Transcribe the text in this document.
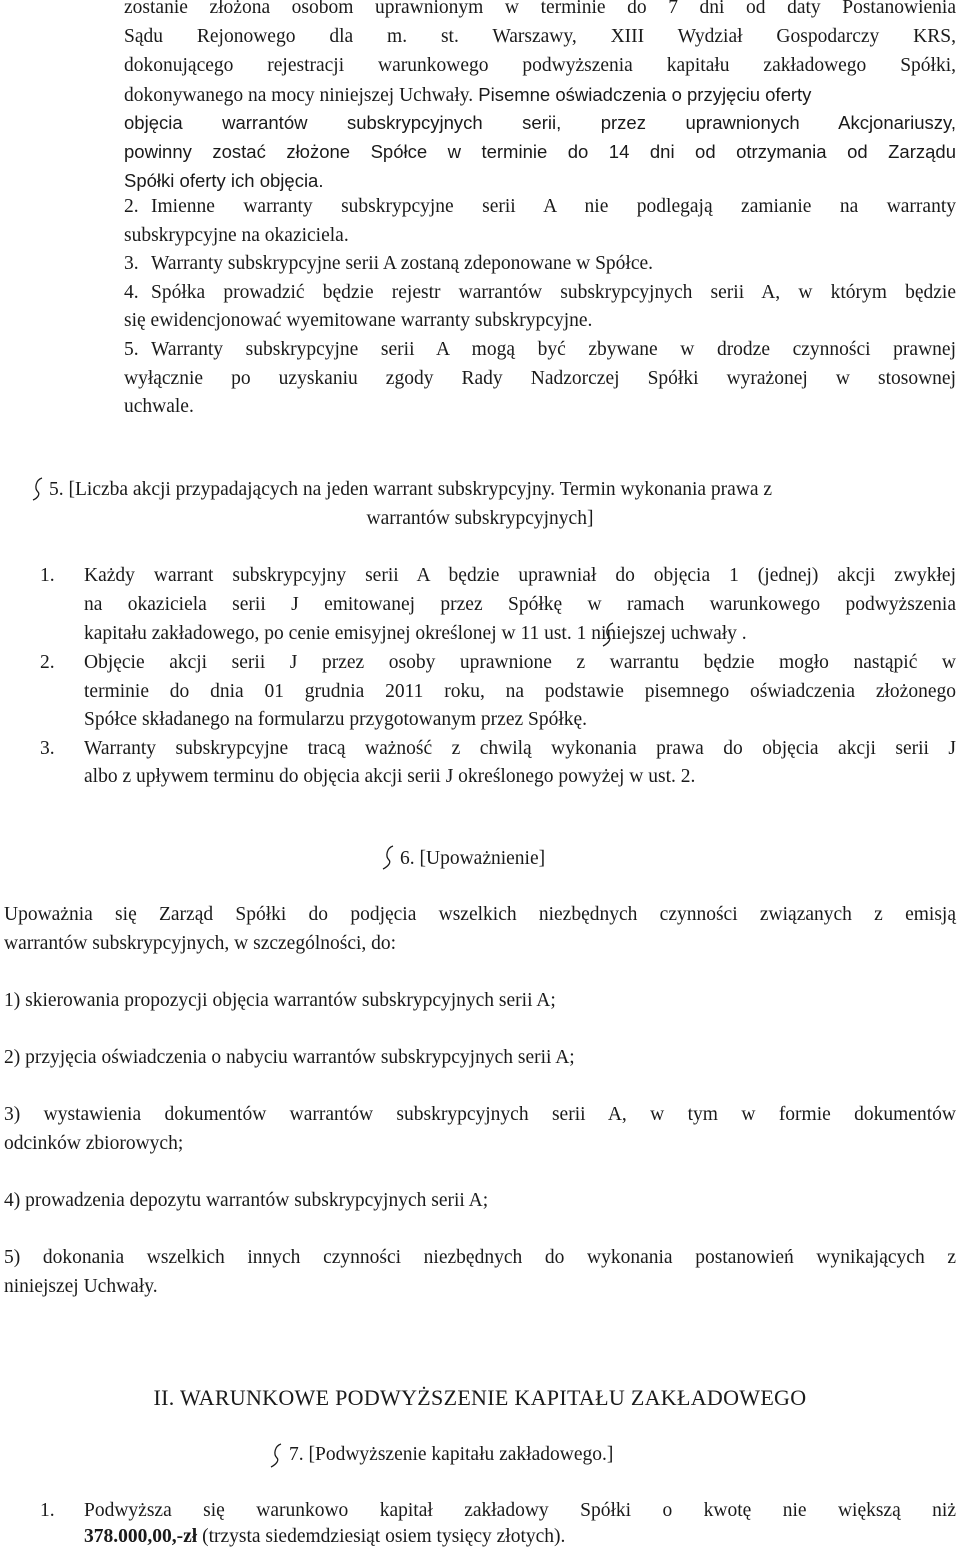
zostanie złożona osobom uprawnionym w terminie do 7 dni od daty Postanowienia
Sądu Rejonowego dla m. st. Warszawy, XIII Wydział Gospodarczy KRS,
dokonującego rejestracji warunkowego podwyższenia kapitału zakładowego Spółki,
dokonywanego na mocy niniejszej Uchwały. Pisemne oświadczenia o przyjęciu oferty
objęcia warrantów subskrypcyjnych serii, przez uprawnionych Akcjonariuszy,
powinny zostać złożone Spółce w terminie do 14 dni od otrzymania od Zarządu
Spółki oferty ich objęcia.
2. Imienne warranty subskrypcyjne serii A nie podlegają zamianie na warranty
subskrypcyjne na okaziciela.
3. Warranty subskrypcyjne serii A zostaną zdeponowane w Spółce.
4. Spółka prowadzić będzie rejestr warrantów subskrypcyjnych serii A, w którym będzie
się ewidencjonować wyemitowane warranty subskrypcyjne.
5. Warranty subskrypcyjne serii A mogą być zbywane w drodze czynności prawnej
wyłącznie po uzyskaniu zgody Rady Nadzorczej Spółki wyrażonej w stosownej
uchwale.
5. [Liczba akcji przypadających na jeden warrant subskrypcyjny. Termin wykonania prawa z
warrantów subskrypcyjnych]
1. Każdy warrant subskrypcyjny serii A będzie uprawniał do objęcia 1 (jednej) akcji zwykłej
na okaziciela serii J emitowanej przez Spółkę w ramach warunkowego podwyższenia
kapitału zakładowego, po cenie emisyjnej określonej w 11 ust. 1 niniejszej uchwały .
2. Objęcie akcji serii J przez osoby uprawnione z warrantu będzie mogło nastąpić w
terminie do dnia 01 grudnia 2011 roku, na podstawie pisemnego oświadczenia złożonego
Spółce składanego na formularzu przygotowanym przez Spółkę.
3. Warranty subskrypcyjne tracą ważność z chwilą wykonania prawa do objęcia akcji serii J
albo z upływem terminu do objęcia akcji serii J określonego powyżej w ust. 2.
6. [Upoważnienie]
Upoważnia się Zarząd Spółki do podjęcia wszelkich niezbędnych czynności związanych z emisją
warrantów subskrypcyjnych, w szczególności, do:
1) skierowania propozycji objęcia warrantów subskrypcyjnych serii A;
2) przyjęcia oświadczenia o nabyciu warrantów subskrypcyjnych serii A;
3) wystawienia dokumentów warrantów subskrypcyjnych serii A, w tym w formie dokumentów
odcinków zbiorowych;
4) prowadzenia depozytu warrantów subskrypcyjnych serii A;
5) dokonania wszelkich innych czynności niezbędnych do wykonania postanowień wynikających z
niniejszej Uchwały.
II. WARUNKOWE PODWYŻSZENIE KAPITAŁU ZAKŁADOWEGO
7. [Podwyższenie kapitału zakładowego.]
1. Podwyższa się warunkowo kapitał zakładowy Spółki o kwotę nie większą niż
378.000,00,-zł (trzysta siedemdziesiąt osiem tysięcy złotych).
